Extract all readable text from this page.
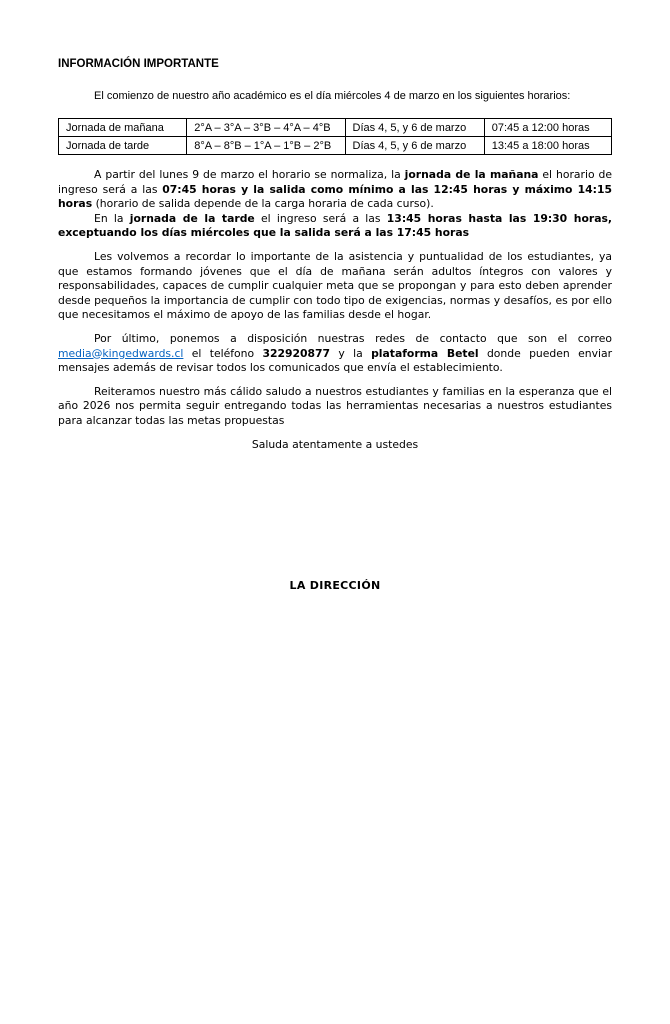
INFORMACIÓN IMPORTANTE

El comienzo de nuestro año académico es el día miércoles 4 de marzo en los siguientes horarios:

Jornada de mañana	2°A – 3°A – 3°B – 4°A – 4°B	Días 4, 5, y 6 de marzo	07:45 a 12:00 horas
Jornada de tarde	8°A – 8°B – 1°A – 1°B – 2°B	Días 4, 5, y 6 de marzo	13:45 a 18:00 horas

A partir del lunes 9 de marzo el horario se normaliza, la jornada de la mañana el horario de ingreso será a las 07:45 horas y la salida como mínimo a las 12:45 horas y máximo 14:15 horas (horario de salida depende de la carga horaria de cada curso).

En la jornada de la tarde el ingreso será a las 13:45 horas hasta las 19:30 horas, exceptuando los días miércoles que la salida será a las 17:45 horas

Les volvemos a recordar lo importante de la asistencia y puntualidad de los estudiantes, ya que estamos formando jóvenes que el día de mañana serán adultos íntegros con valores y responsabilidades, capaces de cumplir cualquier meta que se propongan y para esto deben aprender desde pequeños la importancia de cumplir con todo tipo de exigencias, normas y desafíos, es por ello que necesitamos el máximo de apoyo de las familias desde el hogar.

Por último, ponemos a disposición nuestras redes de contacto que son el correo media@kingedwards.cl el teléfono 322920877 y la plataforma Betel donde pueden enviar mensajes además de revisar todos los comunicados que envía el establecimiento.

Reiteramos nuestro más cálido saludo a nuestros estudiantes y familias en la esperanza que el año 2026 nos permita seguir entregando todas las herramientas necesarias a nuestros estudiantes para alcanzar todas las metas propuestas

Saluda atentamente a ustedes

LA DIRECCIÓN
